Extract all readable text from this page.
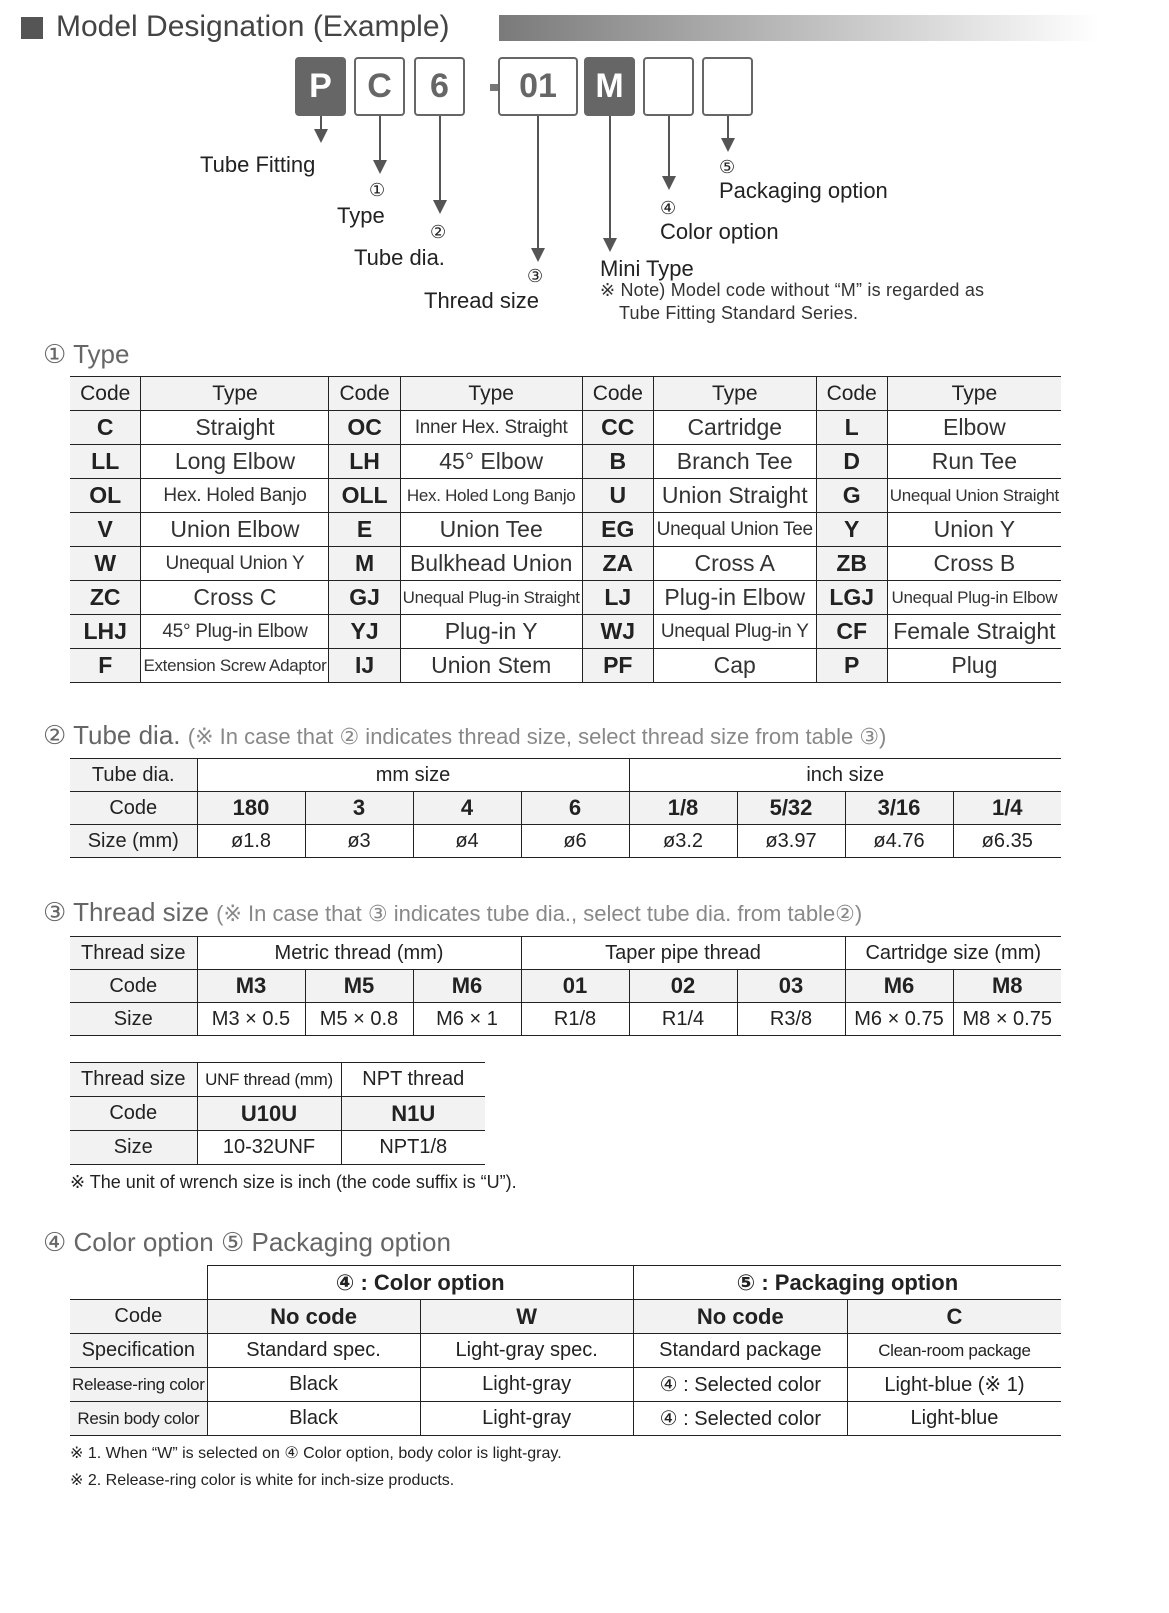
Model Designation (Example)
P	C	6	01	M
Tube Fitting
①
Type
②
Tube dia.
③
Thread size
Mini Type
※ Note) Model code without “M” is regarded as
Tube Fitting Standard Series.
④
Color option
⑤
Packaging option
① Type
Code	Type	Code	Type	Code	Type	Code	Type
C	Straight	OC	Inner Hex. Straight	CC	Cartridge	L	Elbow
LL	Long Elbow	LH	45° Elbow	B	Branch Tee	D	Run Tee
OL	Hex. Holed Banjo	OLL	Hex. Holed Long Banjo	U	Union Straight	G	Unequal Union Straight
V	Union Elbow	E	Union Tee	EG	Unequal Union Tee	Y	Union Y
W	Unequal Union Y	M	Bulkhead Union	ZA	Cross A	ZB	Cross B
ZC	Cross C	GJ	Unequal Plug-in Straight	LJ	Plug-in Elbow	LGJ	Unequal Plug-in Elbow
LHJ	45° Plug-in Elbow	YJ	Plug-in Y	WJ	Unequal Plug-in Y	CF	Female Straight
F	Extension Screw Adaptor	IJ	Union Stem	PF	Cap	P	Plug
② Tube dia. (※ In case that ② indicates thread size, select thread size from table ③)
Tube dia.	mm size				inch size			
Code	180	3	4	6	1/8	5/32	3/16	1/4
Size (mm)	ø1.8	ø3	ø4	ø6	ø3.2	ø3.97	ø4.76	ø6.35
③ Thread size (※ In case that ③ indicates tube dia., select tube dia. from table②)
Thread size	Metric thread (mm)			Taper pipe thread			Cartridge size (mm)	
Code	M3	M5	M6	01	02	03	M6	M8
Size	M3 × 0.5	M5 × 0.8	M6 × 1	R1/8	R1/4	R3/8	M6 × 0.75	M8 × 0.75
Thread size	UNF thread (mm)	NPT thread
Code	U10U	N1U
Size	10-32UNF	NPT1/8
※ The unit of wrench size is inch (the code suffix is “U”).
④ Color option ⑤ Packaging option
	④ : Color option		⑤ : Packaging option	
Code	No code	W	No code	C
Specification	Standard spec.	Light-gray spec.	Standard package	Clean-room package
Release-ring color	Black	Light-gray	④ : Selected color	Light-blue (※ 1)
Resin body color	Black	Light-gray	④ : Selected color	Light-blue
※ 1. When “W” is selected on ④ Color option, body color is light-gray.
※ 2. Release-ring color is white for inch-size products.
